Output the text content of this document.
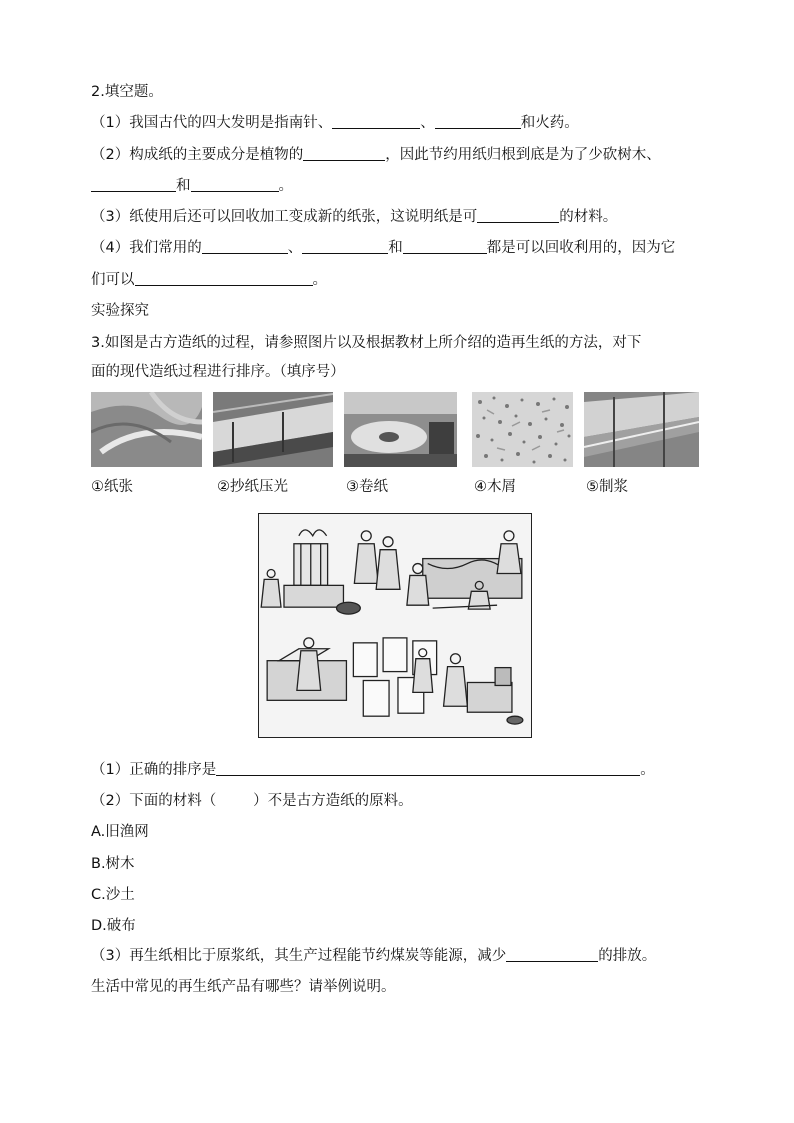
2.填空题。
（1）我国古代的四大发明是指南针、	、	和火药。
（2）构成纸的主要成分是植物的	，因此节约用纸归根到底是为了少砍树木、
和	。
（3）纸使用后还可以回收加工变成新的纸张，这说明纸是可	的材料。
（4）我们常用的	、	和	都是可以回收利用的，因为它
们可以	。
实验探究
3.如图是古方造纸的过程，请参照图片以及根据教材上所介绍的造再生纸的方法，对下
面的现代造纸过程进行排序。（填序号）
①纸张	②抄纸压光	③卷纸	④木屑	⑤制浆
（1）正确的排序是	。
（2）下面的材料（        ）不是古方造纸的原料。
A.旧渔网
B.树木
C.沙土
D.破布
（3）再生纸相比于原浆纸，其生产过程能节约煤炭等能源，减少	的排放。
生活中常见的再生纸产品有哪些？请举例说明。
